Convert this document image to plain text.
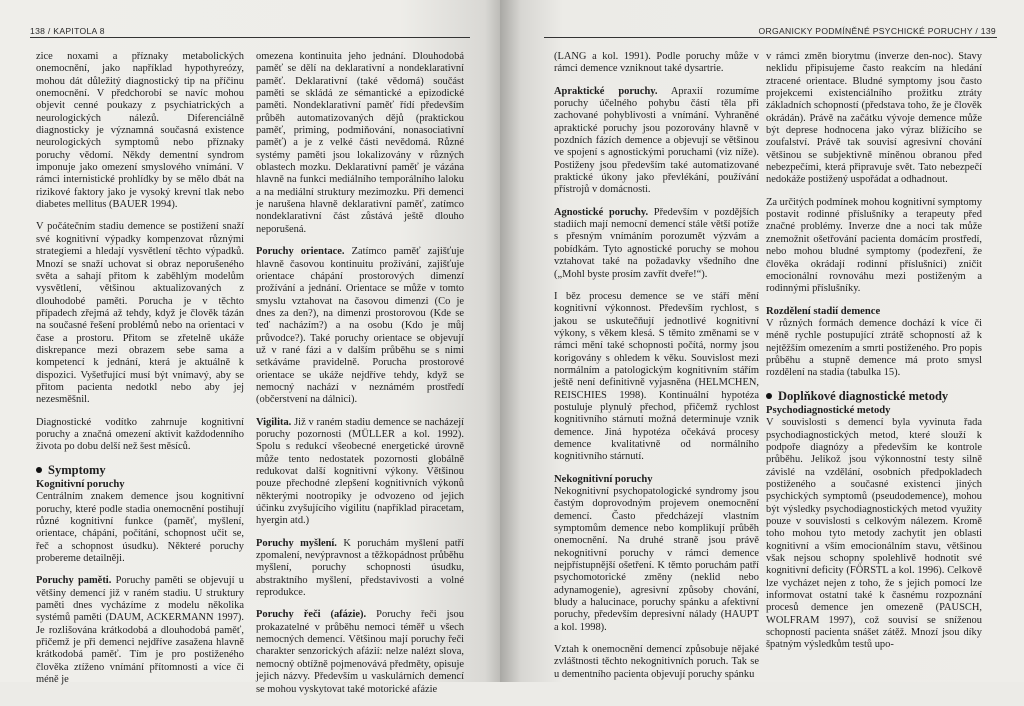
138 / KAPITOLA 8

zice noxami a příznaky metabolických onemocnění, jako například hypothyreózy, mohou dát důležitý diagnostický tip na příčinu onemocnění. V předchorobí se navíc mohou objevit cenné poukazy z psychiatrických a neurologických nálezů. Diferenciálně diagnosticky je významná současná existence neurologických symptomů nebo příznaky poruchy vědomí. Někdy dementní syndrom imponuje jako omezení smyslového vnímání. V rámci internistické prohlídky by se mělo dbát na rizikové faktory jako je vysoký krevní tlak nebo diabetes mellitus (BAUER 1994).

V počátečním stadiu demence se postižení snaží své kognitivní výpadky kompenzovat různými strategiemi a hledají vysvětlení těchto výpadků. Mnozí se snaží uchovat si obraz neporušeného světa a sahají přitom k zaběhlým modelům vysvětlení, většinou aktualizovaných z dlouhodobé paměti. Porucha je v těchto případech zřejmá až tehdy, když je člověk tázán na současné řešení problémů nebo na orientaci v čase a prostoru. Přitom se zřetelně ukáže diskrepance mezi obrazem sebe sama a kompetencí k jednání, která je aktuálně k dispozici. Vyšetřující musí být vnímavý, aby se přitom pacienta nedotkl nebo aby jej nezesměšnil.

Diagnostické vodítko zahrnuje kognitivní poruchy a značná omezení aktivit každodenního života po dobu delší než šest měsíců.

Symptomy
Kognitivní poruchy

Centrálním znakem demence jsou kognitivní poruchy, které podle stadia onemocnění postihují různé kognitivní funkce (paměť, myšlení, orientace, chápání, počítání, schopnost učit se, řeč a schopnost úsudku). Některé poruchy probereme detailněji.

Poruchy paměti. Poruchy paměti se objevují u většiny demencí již v raném stadiu. U struktury paměti dnes vycházíme z modelu několika systémů paměti (DAUM, ACKERMANN 1997). Je rozlišována krátkodobá a dlouhodobá paměť, přičemž je při demenci nejdříve zasažena hlavně krátkodobá paměť. Tím je pro postiženého člověka ztíženo vnímání přítomnosti a více či méně je

omezena kontinuita jeho jednání. Dlouhodobá paměť se dělí na deklarativní a nondeklarativní paměť. Deklarativní (také vědomá) součást paměti se skládá ze sémantické a epizodické paměti. Nondeklarativní paměť řídí především průběh automatizovaných dějů (praktickou paměť, priming, podmiňování, nonasociativní paměť) a je z velké části nevědomá. Různé systémy paměti jsou lokalizovány v různých oblastech mozku. Deklarativní paměť je vázána hlavně na funkci mediálního temporálního laloku a na mediální struktury mezimozku. Při demenci je narušena hlavně deklarativní paměť, zatímco nondeklarativní část zůstává ještě dlouho neporušená.

Poruchy orientace. Zatímco paměť zajišťuje hlavně časovou kontinuitu prožívání, zajišťuje orientace chápání prostorových dimenzí prožívání a jednání. Orientace se může v tomto smyslu vztahovat na časovou dimenzi (Co je dnes za den?), na dimenzi prostorovou (Kde se teď nacházím?) a na osobu (Kdo je můj průvodce?). Také poruchy orientace se objevují už v rané fázi a v dalším průběhu se s nimi setkáváme pravidelně. Porucha prostorové orientace se ukáže nejdříve tehdy, když se nemocný nachází v neznámém prostředí (občerstvení na dálnici).

Vigilita. Již v raném stadiu demence se nacházejí poruchy pozornosti (MÜLLER a kol. 1992). Spolu s redukcí všeobecné energetické úrovně může tento nedostatek pozornosti globálně redukovat další kognitivní výkony. Většinou pouze přechodné zlepšení kognitivních výkonů některými nootropiky je odvozeno od jejich účinku zvyšujícího vigilitu (například piracetam, hyergin atd.)

Poruchy myšlení. K poruchám myšlení patří zpomalení, nevýpravnost a těžkopádnost průběhu myšlení, poruchy schopnosti úsudku, abstraktního myšlení, představivosti a volné reprodukce.

Poruchy řeči (afázie). Poruchy řeči jsou prokazatelné v průběhu nemoci téměř u všech nemocných demencí. Většinou mají poruchy řeči charakter senzorických afázií: nelze nalézt slova, nemocný obtížně pojmenovává předměty, opisuje jejich názvy. Především u vaskulárních demencí se mohou vyskytovat také motorické afázie

ORGANICKY PODMÍNĚNÉ PSYCHICKÉ PORUCHY / 139

(LANG a kol. 1991). Podle poruchy může v rámci demence vzniknout také dysartrie.

Apraktické poruchy. Apraxií rozumíme poruchy účelného pohybu částí těla při zachované pohyblivosti a vnímání. Vyhraněné apraktické poruchy jsou pozorovány hlavně v pozdních fázích demence a objevují se většinou ve spojení s agnostickými poruchami (viz níže). Postiženy jsou především také automatizované praktické úkony jako převlékání, používání přístrojů v domácnosti.

Agnostické poruchy. Především v pozdějších stadiích mají nemocní demencí stále větší potíže s přesným vnímáním porozumět výzvám a pobídkám. Tyto agnostické poruchy se mohou vztahovat také na požadavky všedního dne („Mohl byste prosím zavřít dveře!“).

I běz procesu demence se ve stáří mění kognitivní výkonnost. Především rychlost, s jakou se uskutečňují jednotlivé kognitivní výkony, s věkem klesá. S těmito změnami se v rámci mění také schopnosti počítá, normy jsou korigovány s ohledem k věku. Souvislost mezi normálním a patologickým kognitivním stářím ještě není definitivně vyjasněna (HELMCHEN, REISCHIES 1998). Kontinuální hypotéza postuluje plynulý přechod, přičemž rychlost kognitivního stárnutí možná determinuje vznik demence. Jiná hypotéza očekává procesy demence kvalitativně od normálního kognitivního stárnutí.

Nekognitivní poruchy

Nekognitivní psychopatologické syndromy jsou častým doprovodným projevem onemocnění demencí. Často předcházejí vlastním symptomům demence nebo komplikují průběh onemocnění. Na druhé straně jsou právě nekognitivní poruchy v rámci demence nejpřístupnější ošetření. K těmto poruchám patří psychomotorické změny (neklid nebo adynamogenie), agresivní způsoby chování, bludy a halucinace, poruchy spánku a afektivní poruchy, především depresivní nálady (HAUPT a kol. 1998).

Vztah k onemocnění demencí způsobuje nějaké zvláštnosti těchto nekognitivních poruch. Tak se u dementního pacienta objevují poruchy spánku

v rámci změn biorytmu (inverze den-noc). Stavy neklidu připisujeme často reakcím na hledání ztracené orientace. Bludné symptomy jsou často projekcemi existenciálního prožitku ztráty základních schopností (představa toho, že je člověk okrádán). Právě na začátku vývoje demence může být deprese hodnocena jako výraz blížícího se zoufalství. Právě tak souvisí agresivní chování většinou se subjektivně míněnou obranou před nebezpečími, která připravuje svět. Tato nebezpečí nedokáže postižený uspořádat a odhadnout.

Za určitých podmínek mohou kognitivní symptomy postavit rodinné příslušníky a terapeuty před značné problémy. Inverze dne a noci tak může znemožnit ošetřování pacienta domácím prostředí, nebo mohou bludné symptomy (podezření, že člověka okrádají rodinní příslušníci) zničit emocionální rovnováhu mezi postiženým a rodinnými příslušníky.

Rozdělení stadií demence

V různých formách demence dochází k více či méně rychle postupující ztrátě schopností až k nejtěžším omezením a smrti postiženého. Pro popis průběhu a stupně demence má proto smysl rozdělení na stadia (tabulka 15).

Doplňkové diagnostické metody
Psychodiagnostické metody

V souvislosti s demencí byla vyvinuta řada psychodiagnostických metod, které slouží k podpoře diagnózy a především ke kontrole průběhu. Jelikož jsou výkonnostní testy silně závislé na vzdělání, osobních předpokladech postiženého a současné existenci jiných psychických symptomů (pseudodemence), mohou být výsledky psychodiagnostických metod využity pouze v souvislosti s celkovým nálezem. Kromě toho mohou tyto metody zachytit jen oblasti kognitivní a vším emocionálním stavu, většinou však nejsou schopny spolehlivě hodnotit své kognitivní deficity (FÖRSTL a kol. 1996). Celkově lze vycházet nejen z toho, že s jejich pomocí lze informovat ostatní také k časnému rozpoznání procesů demence jen omezeně (PAUSCH, WOLFRAM 1997), což souvisí se sníženou schopností pacienta snášet zátěž. Mnozí jsou díky špatným výsledkům testů upo-
